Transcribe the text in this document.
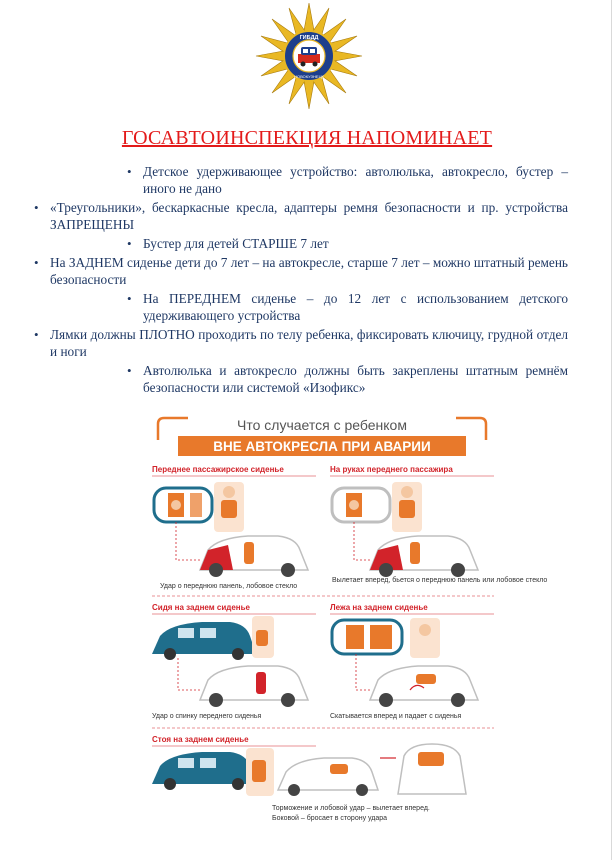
ГИБДД
НОВОКУЗНЕЦК
ГОСАВТОИНСПЕКЦИЯ НАПОМИНАЕТ
• Детское удерживающее устройство: автолюлька, автокресло, бустер – иного не дано
• «Треугольники», бескаркасные кресла, адаптеры ремня безопасности и пр. устройства ЗАПРЕЩЕНЫ
• Бустер для детей СТАРШЕ 7 лет
• На ЗАДНЕМ сиденье дети до 7 лет – на автокресле, старше 7 лет – можно штатный ремень безопасности
• На ПЕРЕДНЕМ сиденье – до 12 лет с использованием детского удерживающего устройства
• Лямки должны ПЛОТНО проходить по телу ребенка, фиксировать ключицу, грудной отдел и ноги
• Автолюлька и автокресло должны быть закреплены штатным ремнём безопасности или системой «Изофикс»
Что случается с ребенком
ВНЕ АВТОКРЕСЛА ПРИ АВАРИИ
Переднее пассажирское сиденье
Удар о переднюю панель, лобовое стекло
На руках переднего пассажира
Вылетает вперед, бьется о переднюю панель или лобовое стекло
Сидя на заднем сиденье
Удар о спинку переднего сиденья
Лежа на заднем сиденье
Скатывается вперед и падает с сиденья
Стоя на заднем сиденье
Торможение и лобовой удар – вылетает вперед.
Боковой – бросает в сторону удара
